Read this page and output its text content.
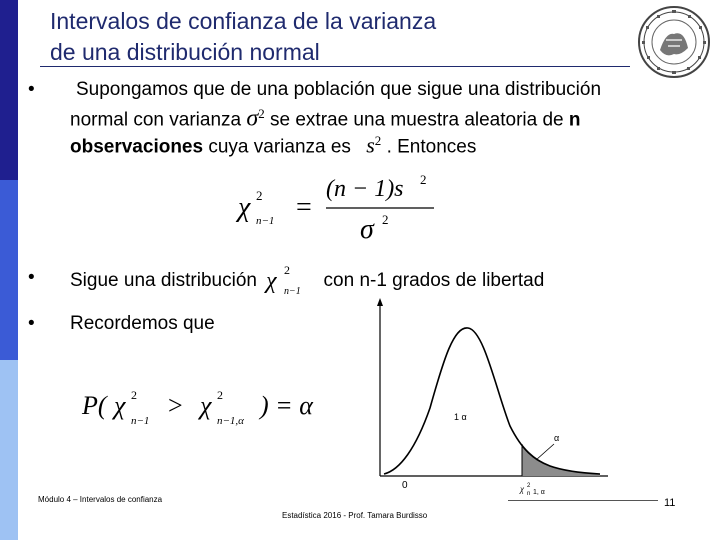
Intervalos de confianza de la varianza
de una distribución normal
• Supongamos que de una población que sigue una distribución
normal con varianza $\sigma^2$ se extrae una muestra aleatoria de n
observaciones cuya varianza es $s^2$ . Entonces
χ 2
n−1 =
(n − 1)s 2
σ 2
• Sigue una distribución χ 2
n−1
con n-1 grados de libertad
• Recordemos que
P( χ 2
n−1
> χ 2
n−1,α
) = α
α
1 α
0	χ 2
n 1, α
Módulo 4 – Intervalos de confianza
Estadística 2016 - Prof. Tamara Burdisso
11
